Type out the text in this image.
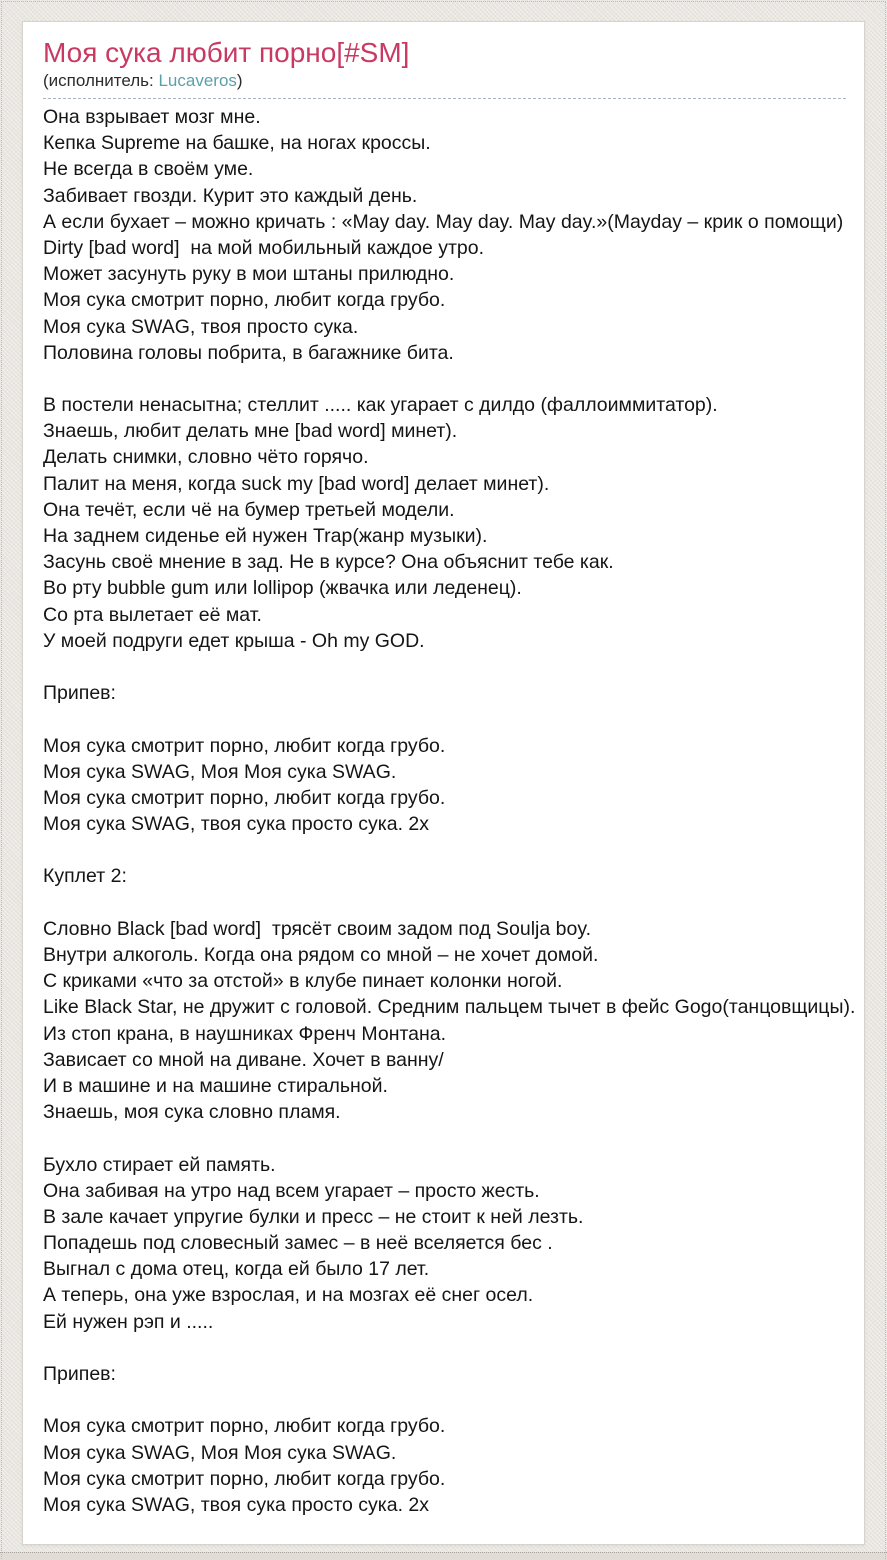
Моя сука любит порно[#SM]
(исполнитель: Lucaveros)
Она взрывает мозг мне.
Кепка Supreme на башке, на ногах кроссы.
Не всегда в своём уме.
Забивает гвозди. Курит это каждый день.
А если бухает – можно кричать : «May day. May day. May day.»(Mayday – крик о помощи)
Dirty [bad word]  на мой мобильный каждое утро.
Может засунуть руку в мои штаны прилюдно.
Моя сука смотрит порно, любит когда грубо.
Моя сука SWAG, твоя просто сука.
Половина головы побрита, в багажнике бита.
В постели ненасытна; стеллит ..... как угарает с дилдо (фаллоиммитатор).
Знаешь, любит делать мне [bad word] минет).
Делать снимки, словно чёто горячо.
Палит на меня, когда suck my [bad word] делает минет).
Она течёт, если чё на бумер третьей модели.
На заднем сиденье ей нужен Trap(жанр музыки).
Засунь своё мнение в зад. Не в курсе? Она объяснит тебе как.
Во рту bubble gum или lollipop (жвачка или леденец).
Со рта вылетает её мат.
У моей подруги едет крыша - Oh my GOD.
Припев:
Моя сука смотрит порно, любит когда грубо.
Моя сука SWAG, Моя Моя сука SWAG.
Моя сука смотрит порно, любит когда грубо.
Моя сука SWAG, твоя сука просто сука. 2x
Куплет 2:
Словно Black [bad word]  трясёт своим задом под Soulja boy.
Внутри алкоголь. Когда она рядом со мной – не хочет домой.
С криками «что за отстой» в клубе пинает колонки ногой.
Like Black Star, не дружит с головой. Средним пальцем тычет в фейс Gogo(танцовщицы).
Из стоп крана, в наушниках Френч Монтана.
Зависает со мной на диване. Хочет в ванну/
И в машине и на машине стиральной.
Знаешь, моя сука словно пламя.
Бухло стирает ей память.
Она забивая на утро над всем угарает – просто жесть.
В зале качает упругие булки и пресс – не стоит к ней лезть.
Попадешь под словесный замес – в неё вселяется бес .
Выгнал с дома отец, когда ей было 17 лет.
А теперь, она уже взрослая, и на мозгах её снег осел.
Ей нужен рэп и .....
Припев:
Моя сука смотрит порно, любит когда грубо.
Моя сука SWAG, Моя Моя сука SWAG.
Моя сука смотрит порно, любит когда грубо.
Моя сука SWAG, твоя сука просто сука. 2x
